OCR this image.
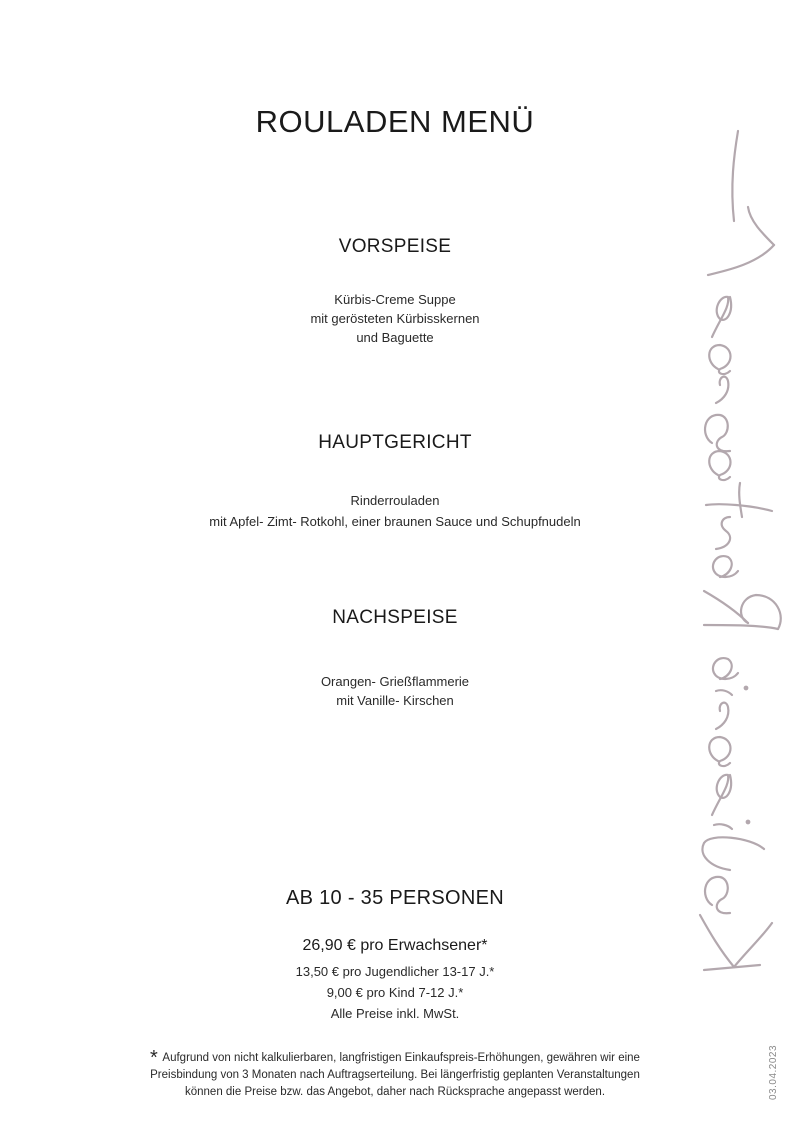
ROULADEN MENÜ
VORSPEISE
Kürbis-Creme Suppe
mit gerösteten Kürbisskernen
und Baguette
HAUPTGERICHT
Rinderrouladen
mit Apfel- Zimt- Rotkohl, einer braunen Sauce und Schupfnudeln
NACHSPEISE
Orangen- Grießflammerie
mit Vanille- Kirschen
AB 10 - 35 PERSONEN
26,90 € pro Erwachsener*
13,50 € pro Jugendlicher 13-17 J.*
9,00 € pro Kind 7-12 J.*
Alle Preise inkl. MwSt.
* Aufgrund von nicht kalkulierbaren, langfristigen Einkaufspreis-Erhöhungen, gewähren wir eine
Preisbindung von 3 Monaten nach Auftragserteilung. Bei längerfristig geplanten Veranstaltungen
können die Preise bzw. das Angebot, daher nach Rücksprache angepasst werden.	03.04.2023
